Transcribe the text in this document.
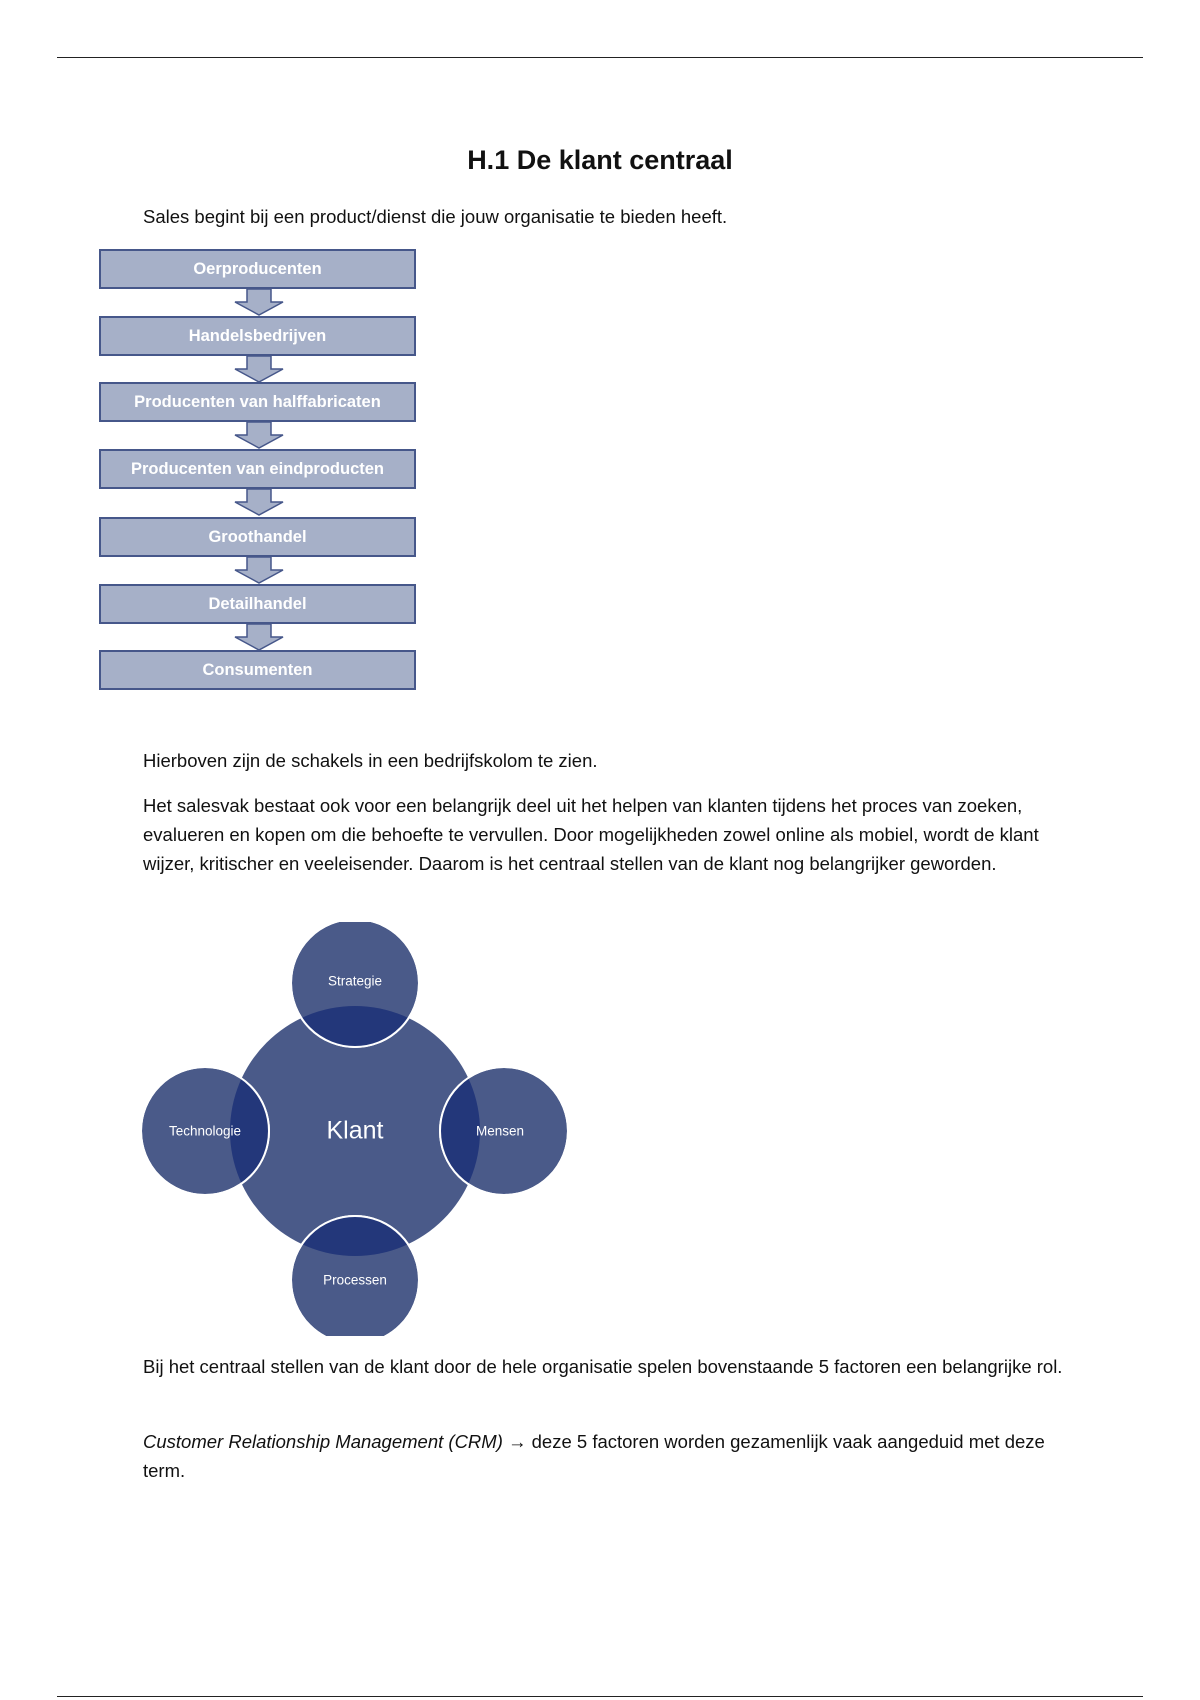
H.1 De klant centraal

Sales begint bij een product/dienst die jouw organisatie te bieden heeft.

Oerproducenten
Handelsbedrijven
Producenten van halffabricaten
Producenten van eindproducten
Groothandel
Detailhandel
Consumenten

Hierboven zijn de schakels in een bedrijfskolom te zien.

Het salesvak bestaat ook voor een belangrijk deel uit het helpen van klanten tijdens het proces van zoeken, evalueren en kopen om die behoefte te vervullen. Door mogelijkheden zowel online als mobiel, wordt de klant wijzer, kritischer en veeleisender. Daarom is het centraal stellen van de klant nog belangrijker geworden.

Klant
Strategie
Technologie	Mensen
Processen

Bij het centraal stellen van de klant door de hele organisatie spelen bovenstaande 5 factoren een belangrijke rol.

Customer Relationship Management (CRM) → deze 5 factoren worden gezamenlijk vaak aangeduid met deze term.
